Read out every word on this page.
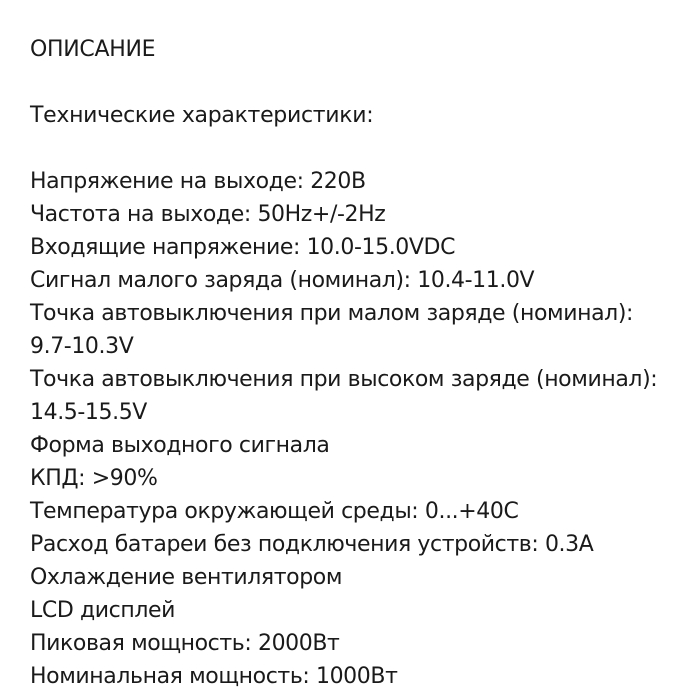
ОПИСАНИЕ
Технические характеристики:
Напряжение на выходе: 220В
Частота на выходе: 50Hz+/-2Hz
Входящие напряжение: 10.0-15.0VDC
Сигнал малого заряда (номинал): 10.4-11.0V
Точка автовыключения при малом заряде (номинал): 9.7-10.3V
Точка автовыключения при высоком заряде (номинал): 14.5-15.5V
Форма выходного сигнала
КПД: >90%
Температура окружающей среды: 0...+40С
Расход батареи без подключения устройств: 0.3А
Охлаждение вентилятором
LCD дисплей
Пиковая мощность: 2000Вт
Номинальная мощность: 1000Вт
